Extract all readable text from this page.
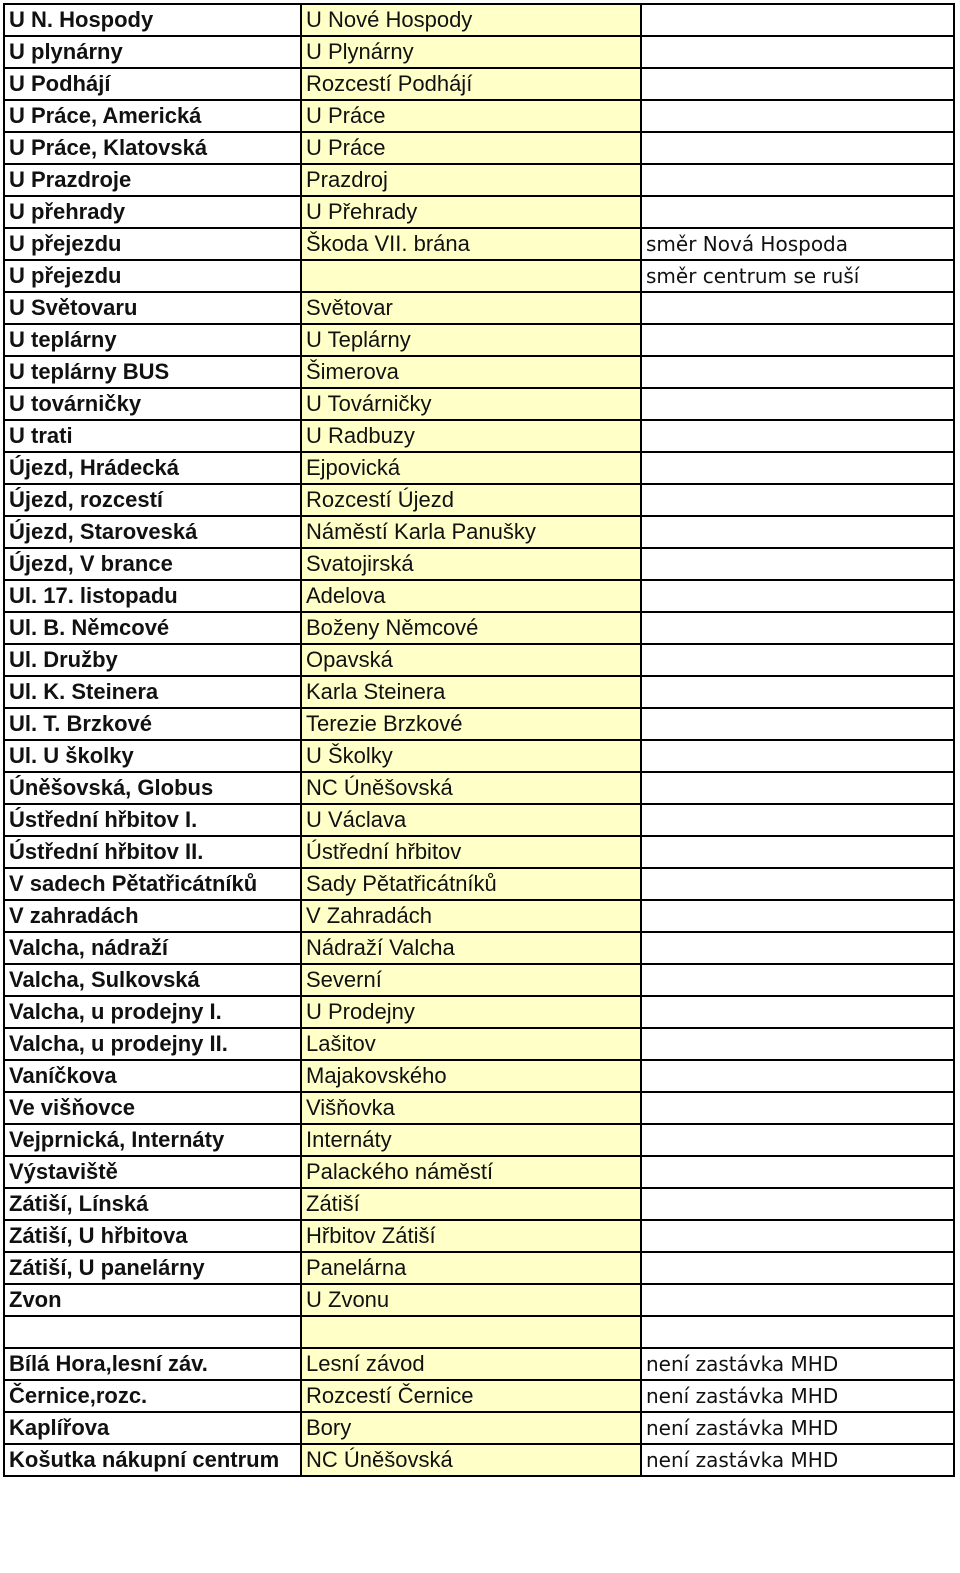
U N. Hospody	U Nové Hospody	
U plynárny	U Plynárny	
U Podhájí	Rozcestí Podhájí	
U Práce, Americká	U Práce	
U Práce, Klatovská	U Práce	
U Prazdroje	Prazdroj	
U přehrady	U Přehrady	
U přejezdu	Škoda VII. brána	směr Nová Hospoda
U přejezdu		směr centrum se ruší
U Světovaru	Světovar	
U teplárny	U Teplárny	
U teplárny BUS	Šimerova	
U továrničky	U Továrničky	
U trati	U Radbuzy	
Újezd, Hrádecká	Ejpovická	
Újezd, rozcestí	Rozcestí Újezd	
Újezd, Staroveská	Náměstí Karla Panušky	
Újezd, V brance	Svatojirská	
Ul. 17. listopadu	Adelova	
Ul. B. Němcové	Boženy Němcové	
Ul. Družby	Opavská	
Ul. K. Steinera	Karla Steinera	
Ul. T. Brzkové	Terezie Brzkové	
Ul. U školky	U Školky	
Úněšovská, Globus	NC Úněšovská	
Ústřední hřbitov I.	U Václava	
Ústřední hřbitov II.	Ústřední hřbitov	
V sadech Pětatřicátníků	Sady Pětatřicátníků	
V zahradách	V Zahradách	
Valcha, nádraží	Nádraží Valcha	
Valcha, Sulkovská	Severní	
Valcha, u prodejny I.	U Prodejny	
Valcha, u prodejny II.	Lašitov	
Vaníčkova	Majakovského	
Ve višňovce	Višňovka	
Vejprnická, Internáty	Internáty	
Výstaviště	Palackého náměstí	
Zátiší, Línská	Zátiší	
Zátiší, U hřbitova	Hřbitov Zátiší	
Zátiší, U panelárny	Panelárna	
Zvon	U Zvonu	

Bílá Hora,lesní záv.	Lesní závod	není zastávka MHD
Černice,rozc.	Rozcestí Černice	není zastávka MHD
Kaplířova	Bory	není zastávka MHD
Košutka nákupní centrum	NC Úněšovská	není zastávka MHD
